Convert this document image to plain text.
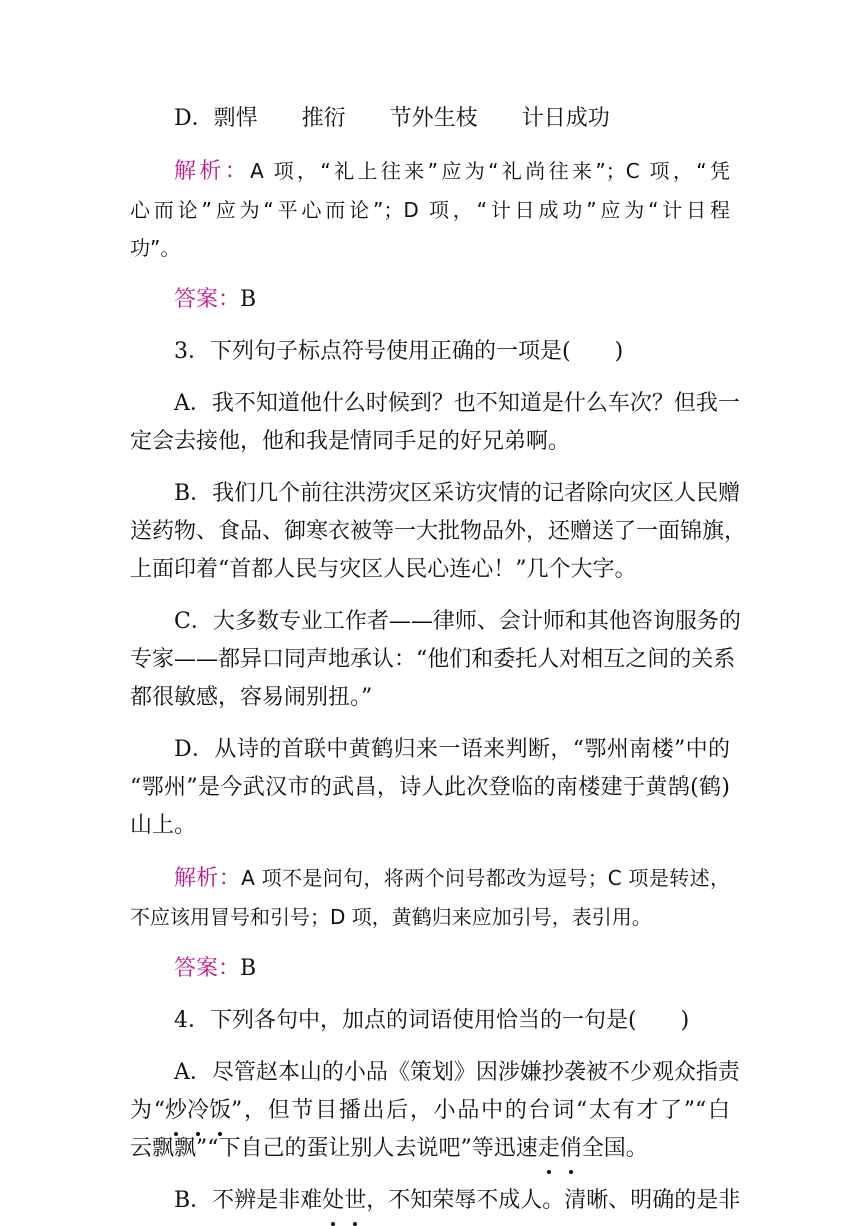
D．剽悍 推衍 节外生枝 计日成功
解析：A 项，“礼上往来”应为“礼尚往来”；C 项，“凭
心而论”应为“平心而论”；D 项，“计日成功”应为“计日程
功”。
答案：B
3．下列句子标点符号使用正确的一项是(　　)
A．我不知道他什么时候到？也不知道是什么车次？但我一
定会去接他，他和我是情同手足的好兄弟啊。
B．我们几个前往洪涝灾区采访灾情的记者除向灾区人民赠
送药物、食品、御寒衣被等一大批物品外，还赠送了一面锦旗，
上面印着“首都人民与灾区人民心连心！”几个大字。
C．大多数专业工作者——律师、会计师和其他咨询服务的
专家——都异口同声地承认：“他们和委托人对相互之间的关系
都很敏感，容易闹别扭。”
D．从诗的首联中黄鹤归来一语来判断，“鄂州南楼”中的
“鄂州”是今武汉市的武昌，诗人此次登临的南楼建于黄鹄(鹤)
山上。
解析：A 项不是问句，将两个问号都改为逗号；C 项是转述，
不应该用冒号和引号；D 项，黄鹤归来应加引号，表引用。
答案：B
4．下列各句中，加点的词语使用恰当的一句是(　　)
A．尽管赵本山的小品《策划》因涉嫌抄袭被不少观众指责
为“炒冷饭”，但节目播出后，小品中的台词“太有才了”“白
云飘飘”“下自己的蛋让别人去说吧”等迅速走俏全国。
B．不辨是非难处世，不知荣辱不成人。清晰、明确的是非
